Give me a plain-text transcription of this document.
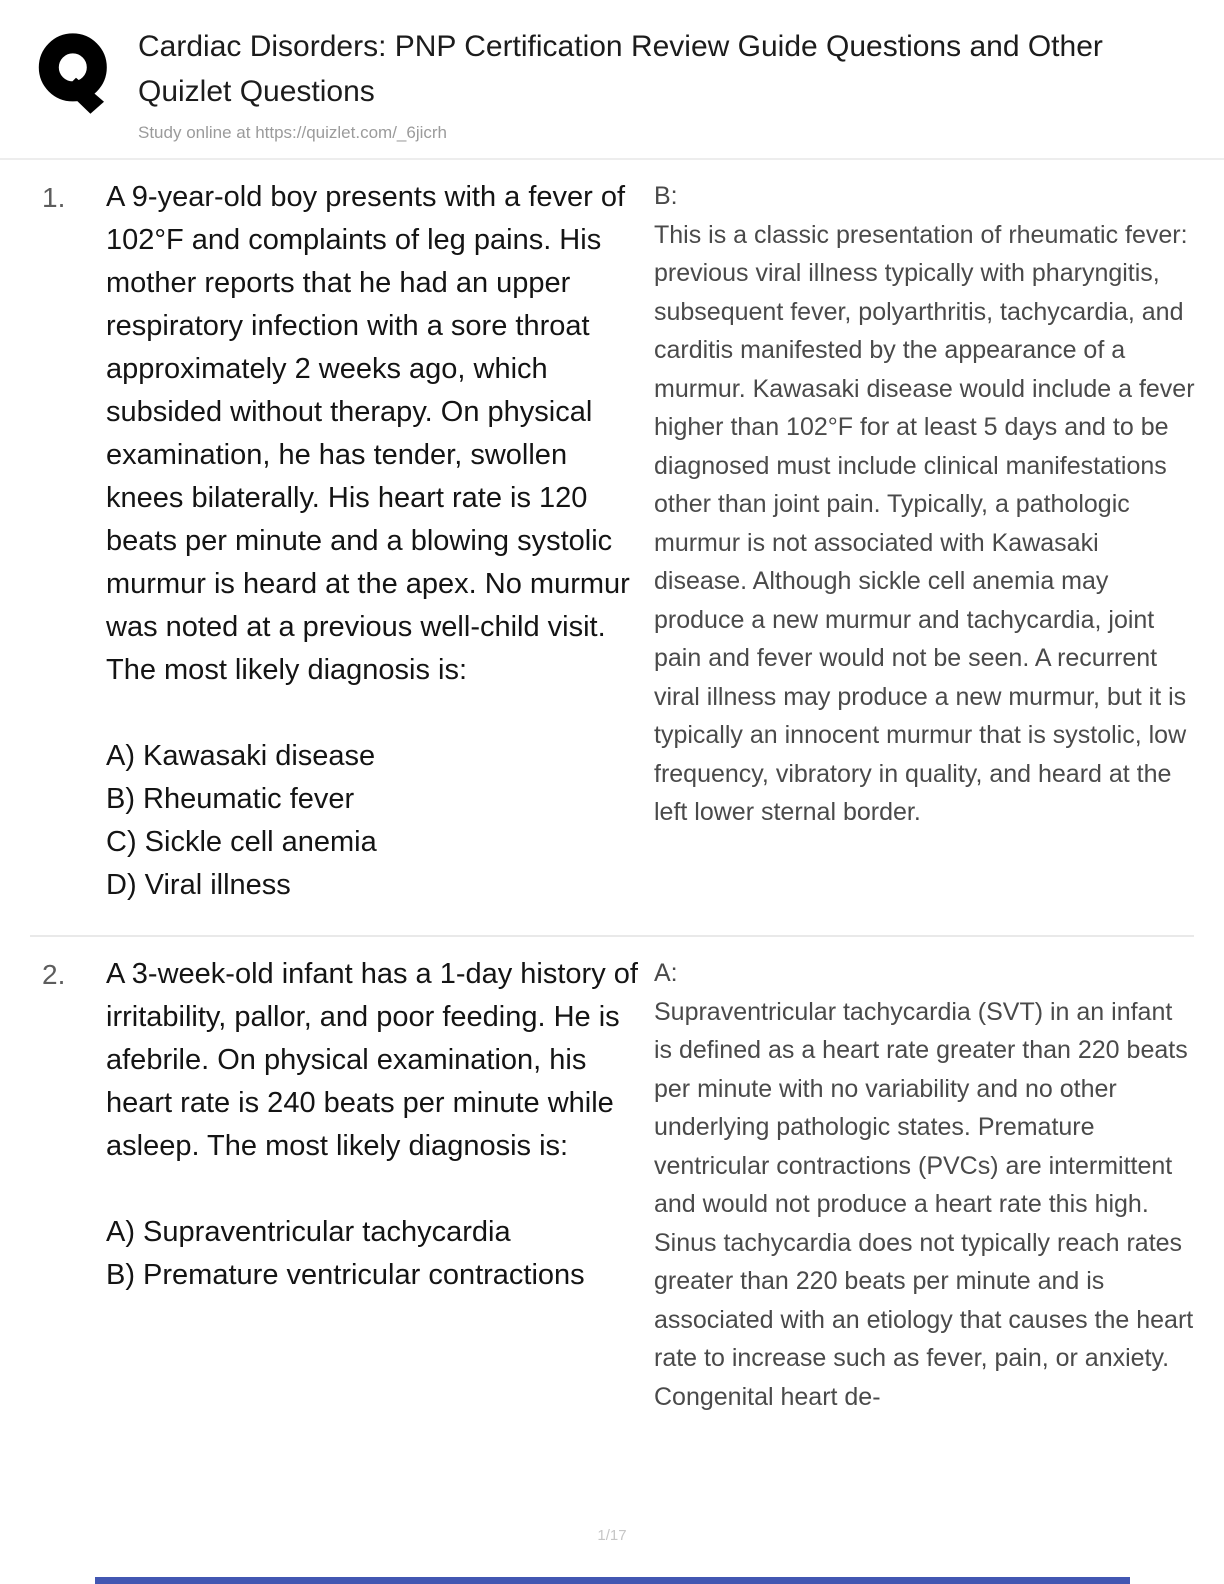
Cardiac Disorders: PNP Certification Review Guide Questions and Other Quizlet Questions
Study online at https://quizlet.com/_6jicrh
1.	A 9-year-old boy presents with a fever of 102°F and complaints of leg pains. His mother reports that he had an upper respiratory infection with a sore throat approximately 2 weeks ago, which subsided without therapy. On physical examination, he has tender, swollen knees bilaterally. His heart rate is 120 beats per minute and a blowing systolic murmur is heard at the apex. No murmur was noted at a previous well-child visit. The most likely diagnosis is:
A) Kawasaki disease
B) Rheumatic fever
C) Sickle cell anemia
D) Viral illness
B:
This is a classic presentation of rheumatic fever: previous viral illness typically with pharyngitis, subsequent fever, polyarthritis, tachycardia, and carditis manifested by the appearance of a murmur. Kawasaki disease would include a fever higher than 102°F for at least 5 days and to be diagnosed must include clinical manifestations other than joint pain. Typically, a pathologic murmur is not associated with Kawasaki disease. Although sickle cell anemia may produce a new murmur and tachycardia, joint pain and fever would not be seen. A recurrent viral illness may produce a new murmur, but it is typically an innocent murmur that is systolic, low frequency, vibratory in quality, and heard at the left lower sternal border.
2.	A 3-week-old infant has a 1-day history of irritability, pallor, and poor feeding. He is afebrile. On physical examination, his heart rate is 240 beats per minute while asleep. The most likely diagnosis is:
A) Supraventricular tachycardia
B) Premature ventricular contractions
A:
Supraventricular tachycardia (SVT) in an infant is defined as a heart rate greater than 220 beats per minute with no variability and no other underlying pathologic states. Premature ventricular contractions (PVCs) are intermittent and would not produce a heart rate this high. Sinus tachycardia does not typically reach rates greater than 220 beats per minute and is associated with an etiology that causes the heart rate to increase such as fever, pain, or anxiety. Congenital heart de-
1/17
